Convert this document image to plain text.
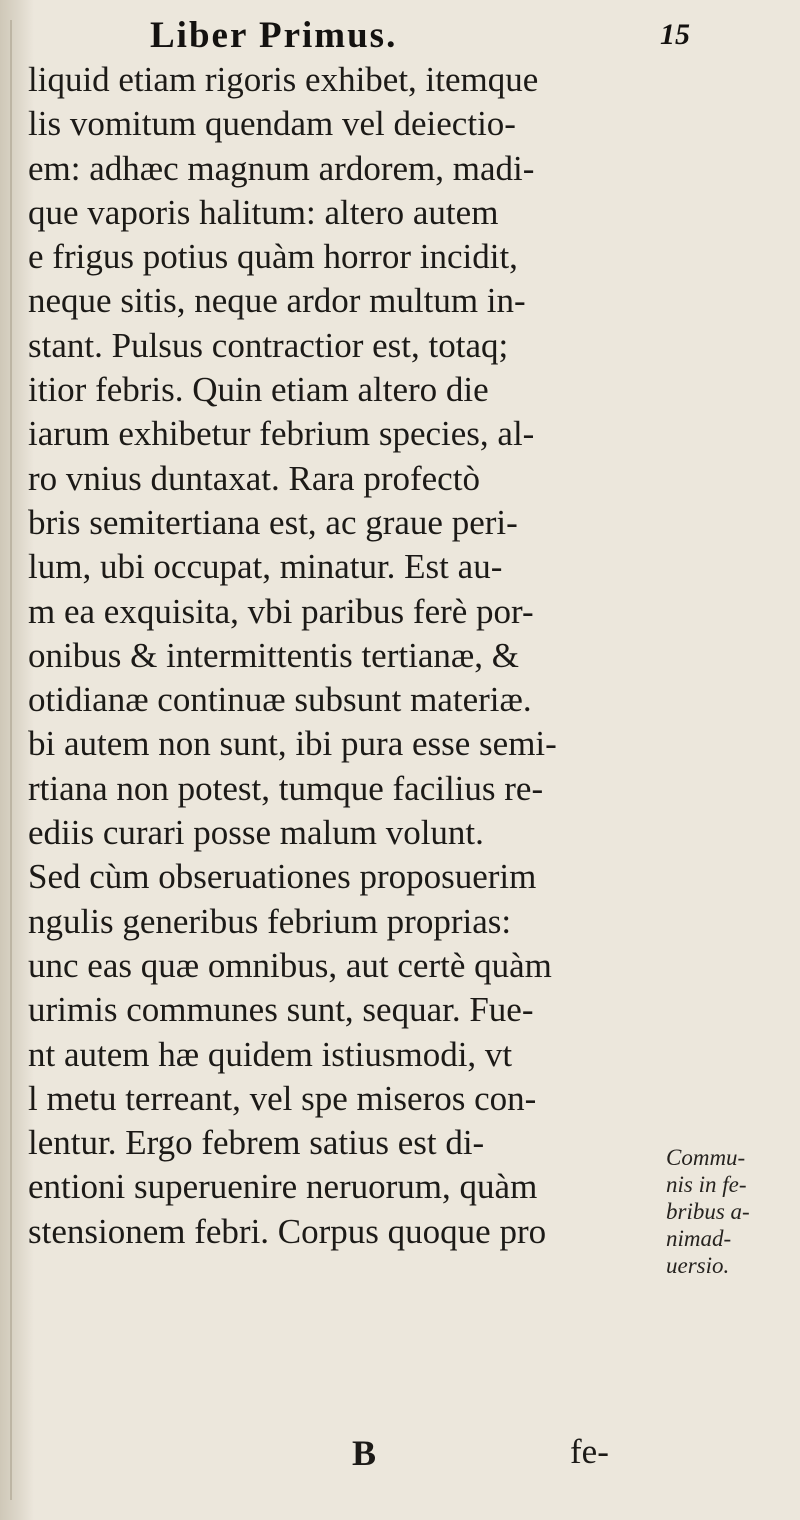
Liber Primus.	15
liquid etiam rigoris exhibet, itemque
lis vomitum quendam vel deiectio-
em: adhæc magnum ardorem, madi-
que vaporis halitum: altero autem
e frigus potius quàm horror incidit,
neque sitis, neque ardor multum in-
stant. Pulsus contractior est, totaq;
itior febris. Quin etiam altero die
iarum exhibetur febrium species, al-
ro vnius duntaxat. Rara profectò
bris semitertiana est, ac graue peri-
lum, ubi occupat, minatur. Est au-
m ea exquisita, vbi paribus ferè por-
onibus & intermittentis tertianæ, &
otidianæ continuæ subsunt materiæ.
bi autem non sunt, ibi pura esse semi-
rtiana non potest, tumque facilius re-
ediis curari posse malum volunt.
Sed cùm obseruationes proposuerim
ngulis generibus febrium proprias:
unc eas quæ omnibus, aut certè quàm
urimis communes sunt, sequar. Fue-
nt autem hæ quidem istiusmodi, vt
l metu terreant, vel spe miseros con-
lentur. Ergo febrem satius est di-
entioni superuenire neruorum, quàm
stensionem febri. Corpus quoque pro
Commu-
nis in fe-
bribus a-
nimad-
uersio.
B	fe-
